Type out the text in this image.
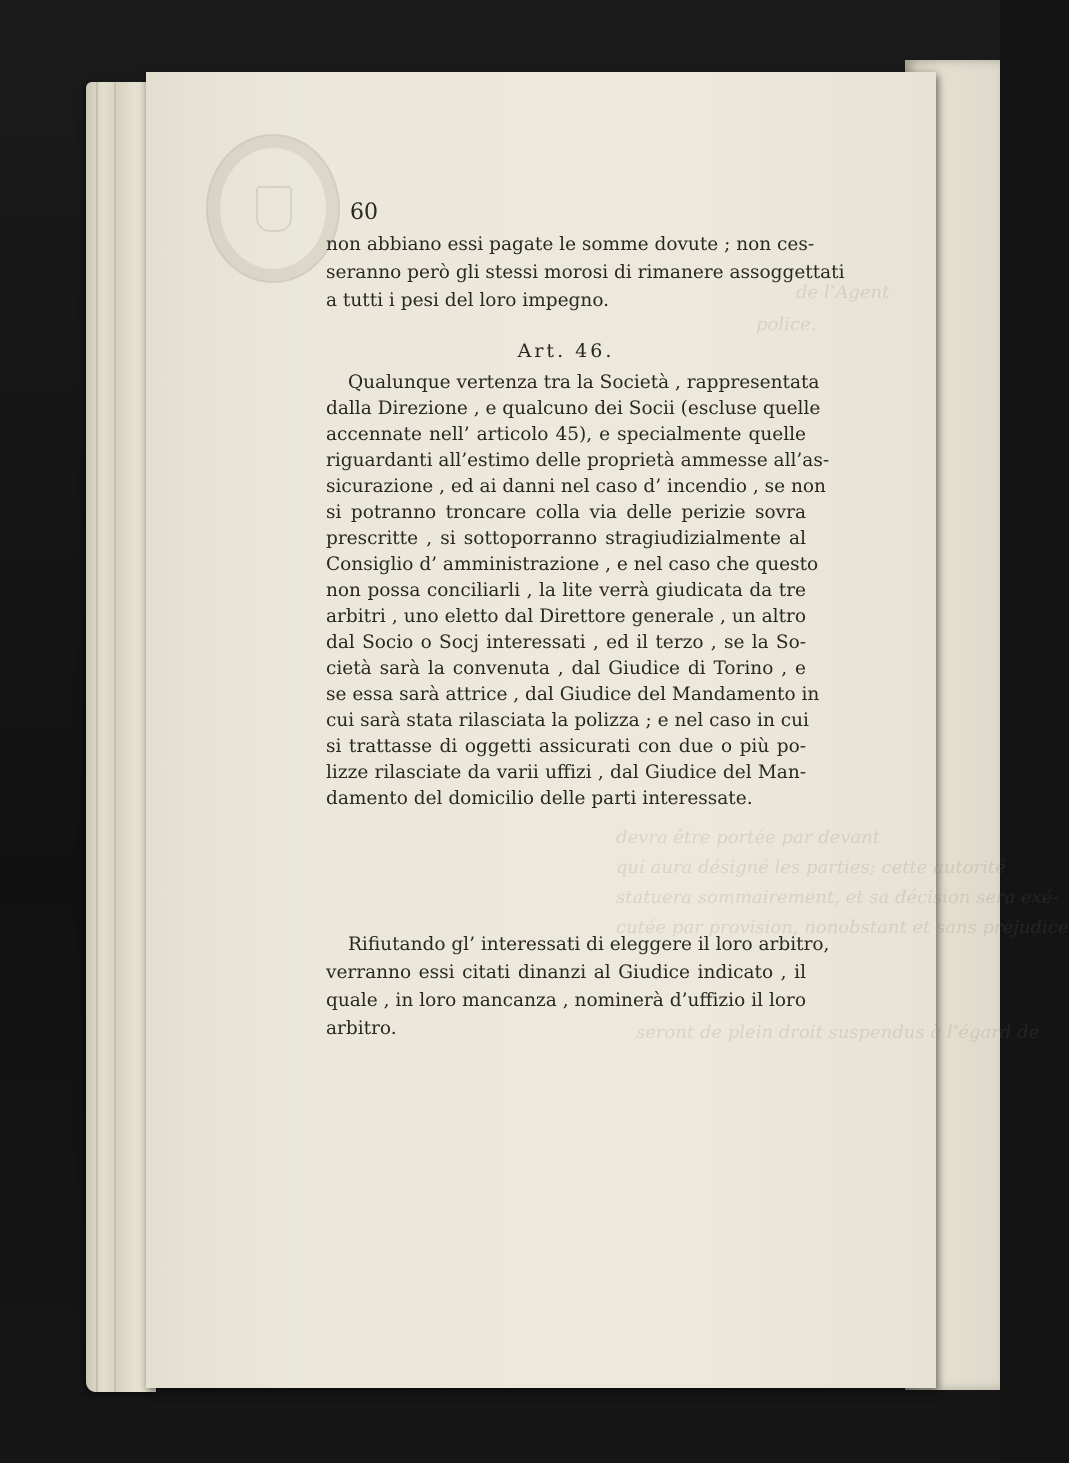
de l’Agent
police.
devra être portée par devant
qui aura désigné les parties; cette autorité
statuera sommairement, et sa décision sera exé-
cutée par provision, nonobstant et sans préjudice
seront de plein droit suspendus à l’égard de
60
non abbiano essi pagate le somme dovute ; non ces-
seranno però gli stessi morosi di rimanere assoggettati
a tutti i pesi del loro impegno.
Art. 46.
Qualunque vertenza tra la Società , rappresentata
dalla Direzione , e qualcuno dei Socii (escluse quelle
accennate nell’ articolo 45), e specialmente quelle
riguardanti all’estimo delle proprietà ammesse all’as-
sicurazione , ed ai danni nel caso d’ incendio , se non
si potranno troncare colla via delle perizie sovra
prescritte , si sottoporranno stragiudizialmente al
Consiglio d’ amministrazione , e nel caso che questo
non possa conciliarli , la lite verrà giudicata da tre
arbitri , uno eletto dal Direttore generale , un altro
dal Socio o Socj interessati , ed il terzo , se la So-
cietà sarà la convenuta , dal Giudice di Torino , e
se essa sarà attrice , dal Giudice del Mandamento in
cui sarà stata rilasciata la polizza ; e nel caso in cui
si trattasse di oggetti assicurati con due o più po-
lizze rilasciate da varii uffizi , dal Giudice del Man-
damento del domicilio delle parti interessate.
Rifiutando gl’ interessati di eleggere il loro arbitro,
verranno essi citati dinanzi al Giudice indicato , il
quale , in loro mancanza , nominerà d’uffizio il loro
arbitro.
